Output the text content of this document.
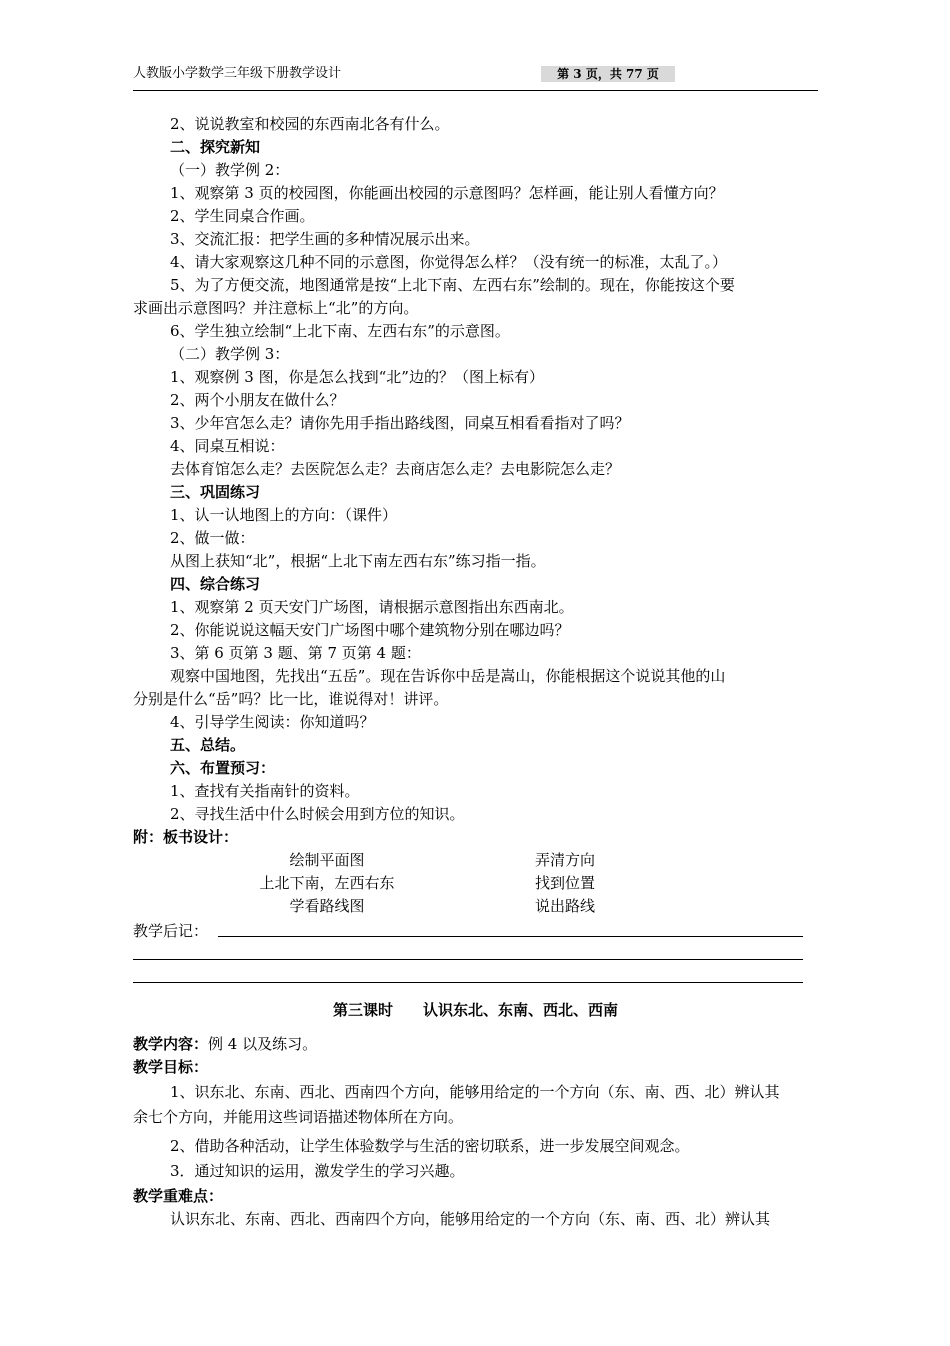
人教版小学数学三年级下册教学设计	第 3 页，共 77 页
2、说说教室和校园的东西南北各有什么。
二、探究新知
（一）教学例 2：
1、观察第 3 页的校园图，你能画出校园的示意图吗？怎样画，能让别人看懂方向？
2、学生同桌合作画。
3、交流汇报：把学生画的多种情况展示出来。
4、请大家观察这几种不同的示意图，你觉得怎么样？（没有统一的标准，太乱了。）
5、为了方便交流，地图通常是按“上北下南、左西右东”绘制的。现在，你能按这个要
求画出示意图吗？并注意标上“北”的方向。
6、学生独立绘制“上北下南、左西右东”的示意图。
（二）教学例 3：
1、观察例 3 图，你是怎么找到“北”边的？（图上标有）
2、两个小朋友在做什么？
3、少年宫怎么走？请你先用手指出路线图，同桌互相看看指对了吗？
4、同桌互相说：
去体育馆怎么走？去医院怎么走？去商店怎么走？去电影院怎么走？
三、巩固练习
1、认一认地图上的方向：（课件）
2、做一做：
从图上获知“北”，根据“上北下南左西右东”练习指一指。
四、综合练习
1、观察第 2 页天安门广场图，请根据示意图指出东西南北。
2、你能说说这幅天安门广场图中哪个建筑物分别在哪边吗？
3、第 6 页第 3 题、第 7 页第 4 题：
观察中国地图，先找出“五岳”。现在告诉你中岳是嵩山，你能根据这个说说其他的山
分别是什么“岳”吗？比一比，谁说得对！讲评。
4、引导学生阅读：你知道吗？
五、总结。
六、布置预习：
1、查找有关指南针的资料。
2、寻找生活中什么时候会用到方位的知识。
附：板书设计：
绘制平面图
上北下南，左西右东
学看路线图
弄清方向
找到位置
说出路线
教学后记：
第三课时　　认识东北、东南、西北、西南
教学内容：例 4 以及练习。
教学目标：
1、识东北、东南、西北、西南四个方向，能够用给定的一个方向（东、南、西、北）辨认其
余七个方向，并能用这些词语描述物体所在方向。
2、借助各种活动，让学生体验数学与生活的密切联系，进一步发展空间观念。
3．通过知识的运用，激发学生的学习兴趣。
教学重难点：
认识东北、东南、西北、西南四个方向，能够用给定的一个方向（东、南、西、北）辨认其
